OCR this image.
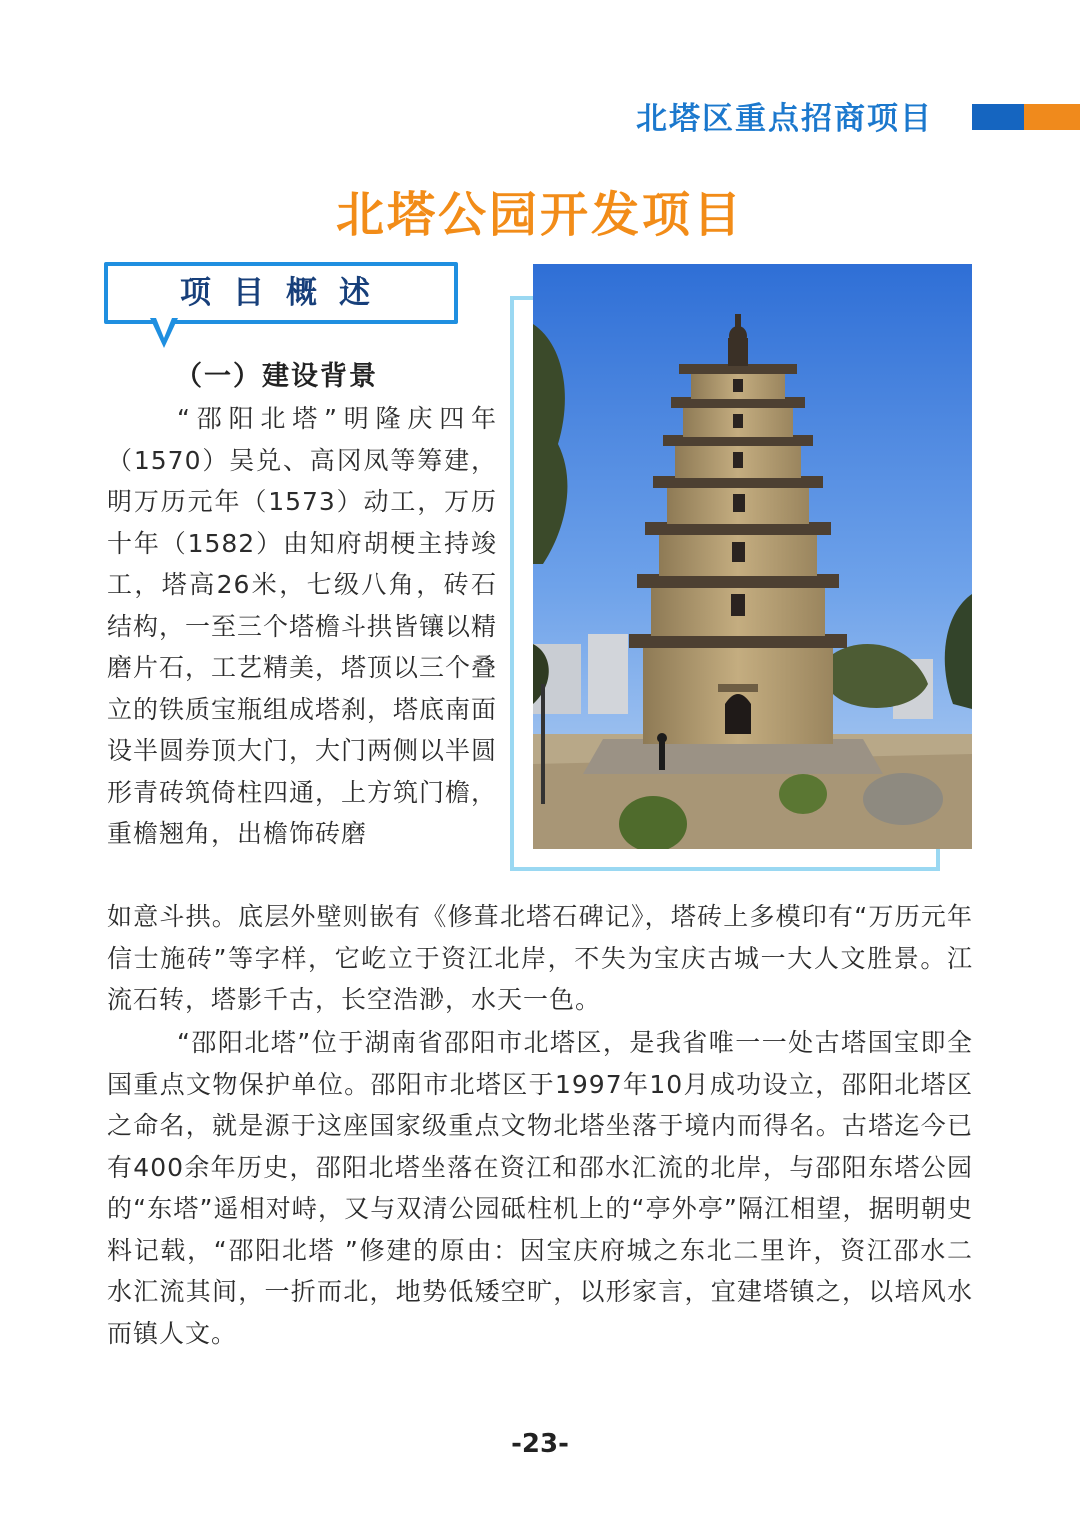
北塔区重点招商项目
北塔公园开发项目
项目概述
（一）建设背景

“邵阳北塔”明隆庆四年（1570）吴兑、高冈凤等筹建，明万历元年（1573）动工，万历十年（1582）由知府胡梗主持竣工，塔高26米，七级八角，砖石结构，一至三个塔檐斗拱皆镶以精磨片石，工艺精美，塔顶以三个叠立的铁质宝瓶组成塔刹，塔底南面设半圆券顶大门，大门两侧以半圆形青砖筑倚柱四通，上方筑门檐，重檐翘角，出檐饰砖磨

如意斗拱。底层外壁则嵌有《修葺北塔石碑记》，塔砖上多模印有“万历元年信士施砖”等字样，它屹立于资江北岸，不失为宝庆古城一大人文胜景。江流石转，塔影千古，长空浩渺，水天一色。

“邵阳北塔”位于湖南省邵阳市北塔区，是我省唯一一处古塔国宝即全国重点文物保护单位。邵阳市北塔区于1997年10月成功设立，邵阳北塔区之命名，就是源于这座国家级重点文物北塔坐落于境内而得名。古塔迄今已有400余年历史，邵阳北塔坐落在资江和邵水汇流的北岸，与邵阳东塔公园的“东塔”遥相对峙，又与双清公园砥柱机上的“亭外亭”隔江相望，据明朝史料记载，“邵阳北塔 ”修建的原由：因宝庆府城之东北二里许，资江邵水二水汇流其间，一折而北，地势低矮空旷，以形家言，宜建塔镇之，以培风水而镇人文。

-23-
